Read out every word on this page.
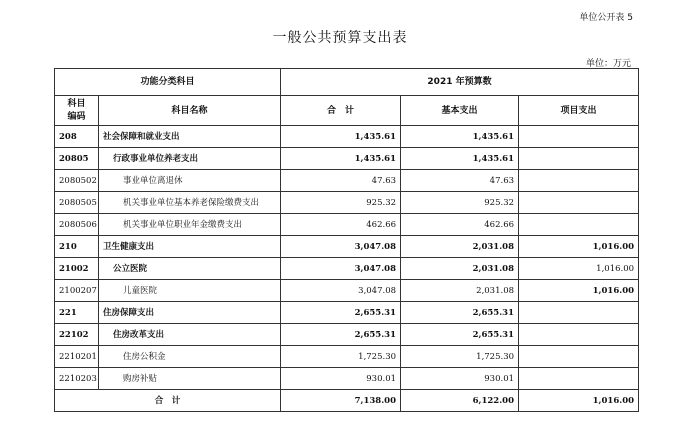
单位公开表 5
一般公共预算支出表
单位：万元
功能分类科目		2021 年预算数		
科目
编码	科目名称	合　计	基本支出	项目支出
208	社会保障和就业支出	1,435.61	1,435.61	
20805	行政事业单位养老支出	1,435.61	1,435.61	
2080502	事业单位离退休	47.63	47.63	
2080505	机关事业单位基本养老保险缴费支出	925.32	925.32	
2080506	机关事业单位职业年金缴费支出	462.66	462.66	
210	卫生健康支出	3,047.08	2,031.08	1,016.00
21002	公立医院	3,047.08	2,031.08	1,016.00
2100207	儿童医院	3,047.08	2,031.08	1,016.00
221	住房保障支出	2,655.31	2,655.31	
22102	住房改革支出	2,655.31	2,655.31	
2210201	住房公积金	1,725.30	1,725.30	
2210203	购房补贴	930.01	930.01	
合　计		7,138.00	6,122.00	1,016.00
